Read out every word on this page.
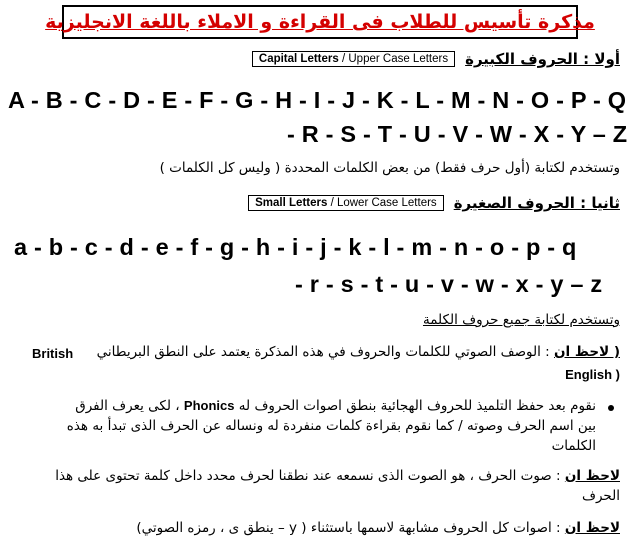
مذكرة تأسيس للطلاب فى القراءة و الاملاء باللغة الانجليزية
أولا : الحروف الكبيرة
Capital Letters / Upper Case Letters
A - B - C - D - E - F - G - H - I - J - K - L - M - N - O - P - Q
- R - S - T - U - V - W - X - Y – Z
وتستخدم لكتابة (أول حرف فقط) من بعض الكلمات المحددة ( وليس كل الكلمات )
ثانيا : الحروف الصغيرة
Small Letters / Lower Case Letters
a - b - c - d - e - f - g - h - i - j - k - l - m - n - o - p - q
- r - s - t - u - v - w - x - y – z
وتستخدم لكتابة جميع حروف الكلمة
( لاحظ ان : الوصف الصوتي للكلمات والحروف في هذه المذكرة يعتمد على النطق البريطاني
British
English )
نقوم بعد حفظ التلميذ للحروف الهجائية بنطق اصوات الحروف له Phonics ، لكى يعرف الفرق
بين اسم الحرف وصوته / كما نقوم بقراءة كلمات منفردة له ونساله عن الحرف الذى تبدأ به هذه
الكلمات
لاحظ ان : صوت الحرف ، هو الصوت الذى نسمعه عند نطقنا لحرف محدد داخل كلمة تحتوى على هذا
الحرف
لاحظ ان : اصوات كل الحروف مشابهة لاسمها باستثناء ( y – ينطق ى ، رمزه الصوتي)
